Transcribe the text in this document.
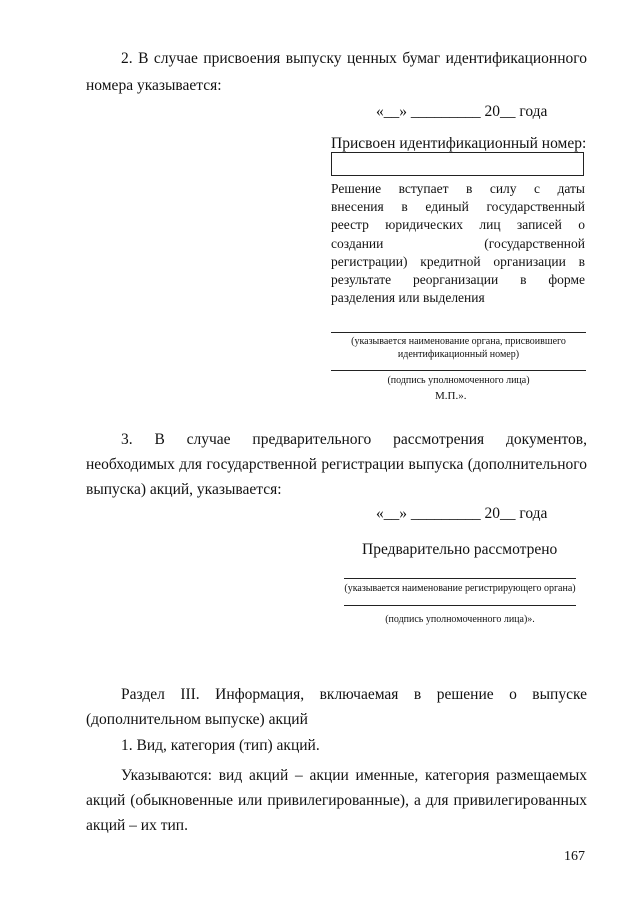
2. В случае присвоения выпуску ценных бумаг идентификационного
номера указывается:
«__» _________ 20__ года
Присвоен идентификационный номер:
Решение вступает в силу с даты
внесения в единый государственный
реестр юридических лиц записей о
создании (государственной
регистрации) кредитной организации в
результате реорганизации в форме
разделения или выделения
(указывается наименование органа, присвоившего
идентификационный номер)
(подпись уполномоченного лица)
М.П.».
3. В случае предварительного рассмотрения документов,
необходимых для государственной регистрации выпуска (дополнительного
выпуска) акций, указывается:
«__» _________ 20__ года
Предварительно рассмотрено
(указывается наименование регистрирующего органа)
(подпись уполномоченного лица)».
Раздел III. Информация, включаемая в решение о выпуске
(дополнительном выпуске) акций
1. Вид, категория (тип) акций.
Указываются: вид акций – акции именные, категория размещаемых
акций (обыкновенные или привилегированные), а для привилегированных
акций – их тип.
167
